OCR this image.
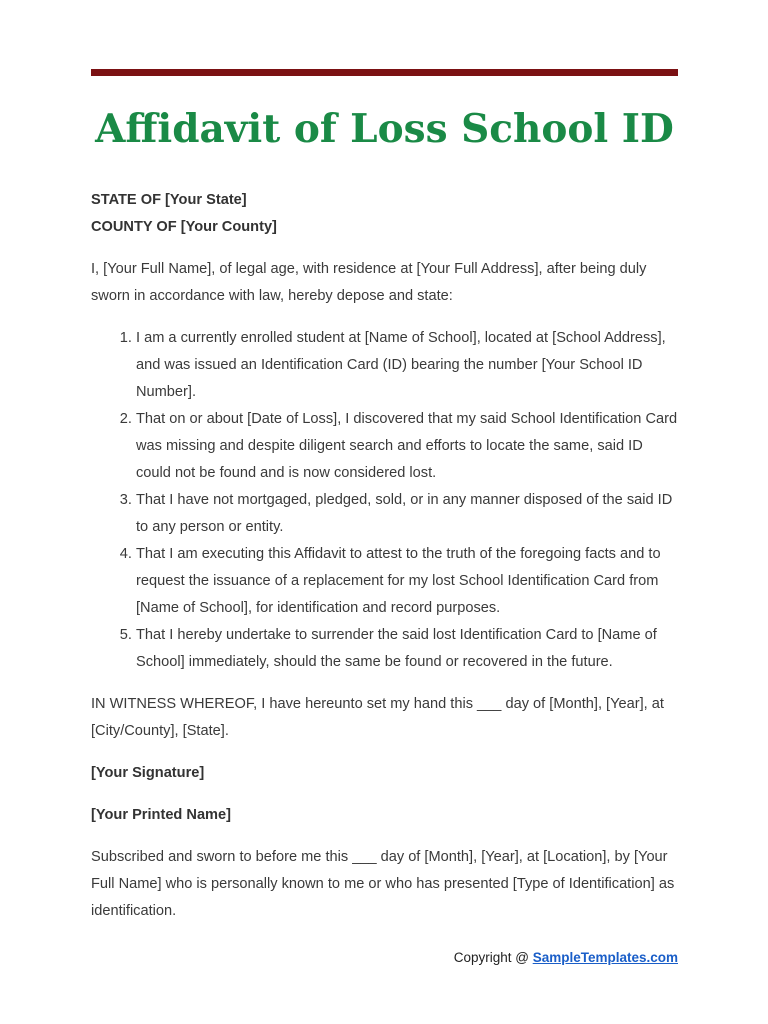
Affidavit of Loss School ID
STATE OF [Your State]
COUNTY OF [Your County]
I, [Your Full Name], of legal age, with residence at [Your Full Address], after being duly sworn in accordance with law, hereby depose and state:
1. I am a currently enrolled student at [Name of School], located at [School Address], and was issued an Identification Card (ID) bearing the number [Your School ID Number].
2. That on or about [Date of Loss], I discovered that my said School Identification Card was missing and despite diligent search and efforts to locate the same, said ID could not be found and is now considered lost.
3. That I have not mortgaged, pledged, sold, or in any manner disposed of the said ID to any person or entity.
4. That I am executing this Affidavit to attest to the truth of the foregoing facts and to request the issuance of a replacement for my lost School Identification Card from [Name of School], for identification and record purposes.
5. That I hereby undertake to surrender the said lost Identification Card to [Name of School] immediately, should the same be found or recovered in the future.
IN WITNESS WHEREOF, I have hereunto set my hand this ___ day of [Month], [Year], at [City/County], [State].
[Your Signature]
[Your Printed Name]
Subscribed and sworn to before me this ___ day of [Month], [Year], at [Location], by [Your Full Name] who is personally known to me or who has presented [Type of Identification] as identification.
Copyright @ SampleTemplates.com
